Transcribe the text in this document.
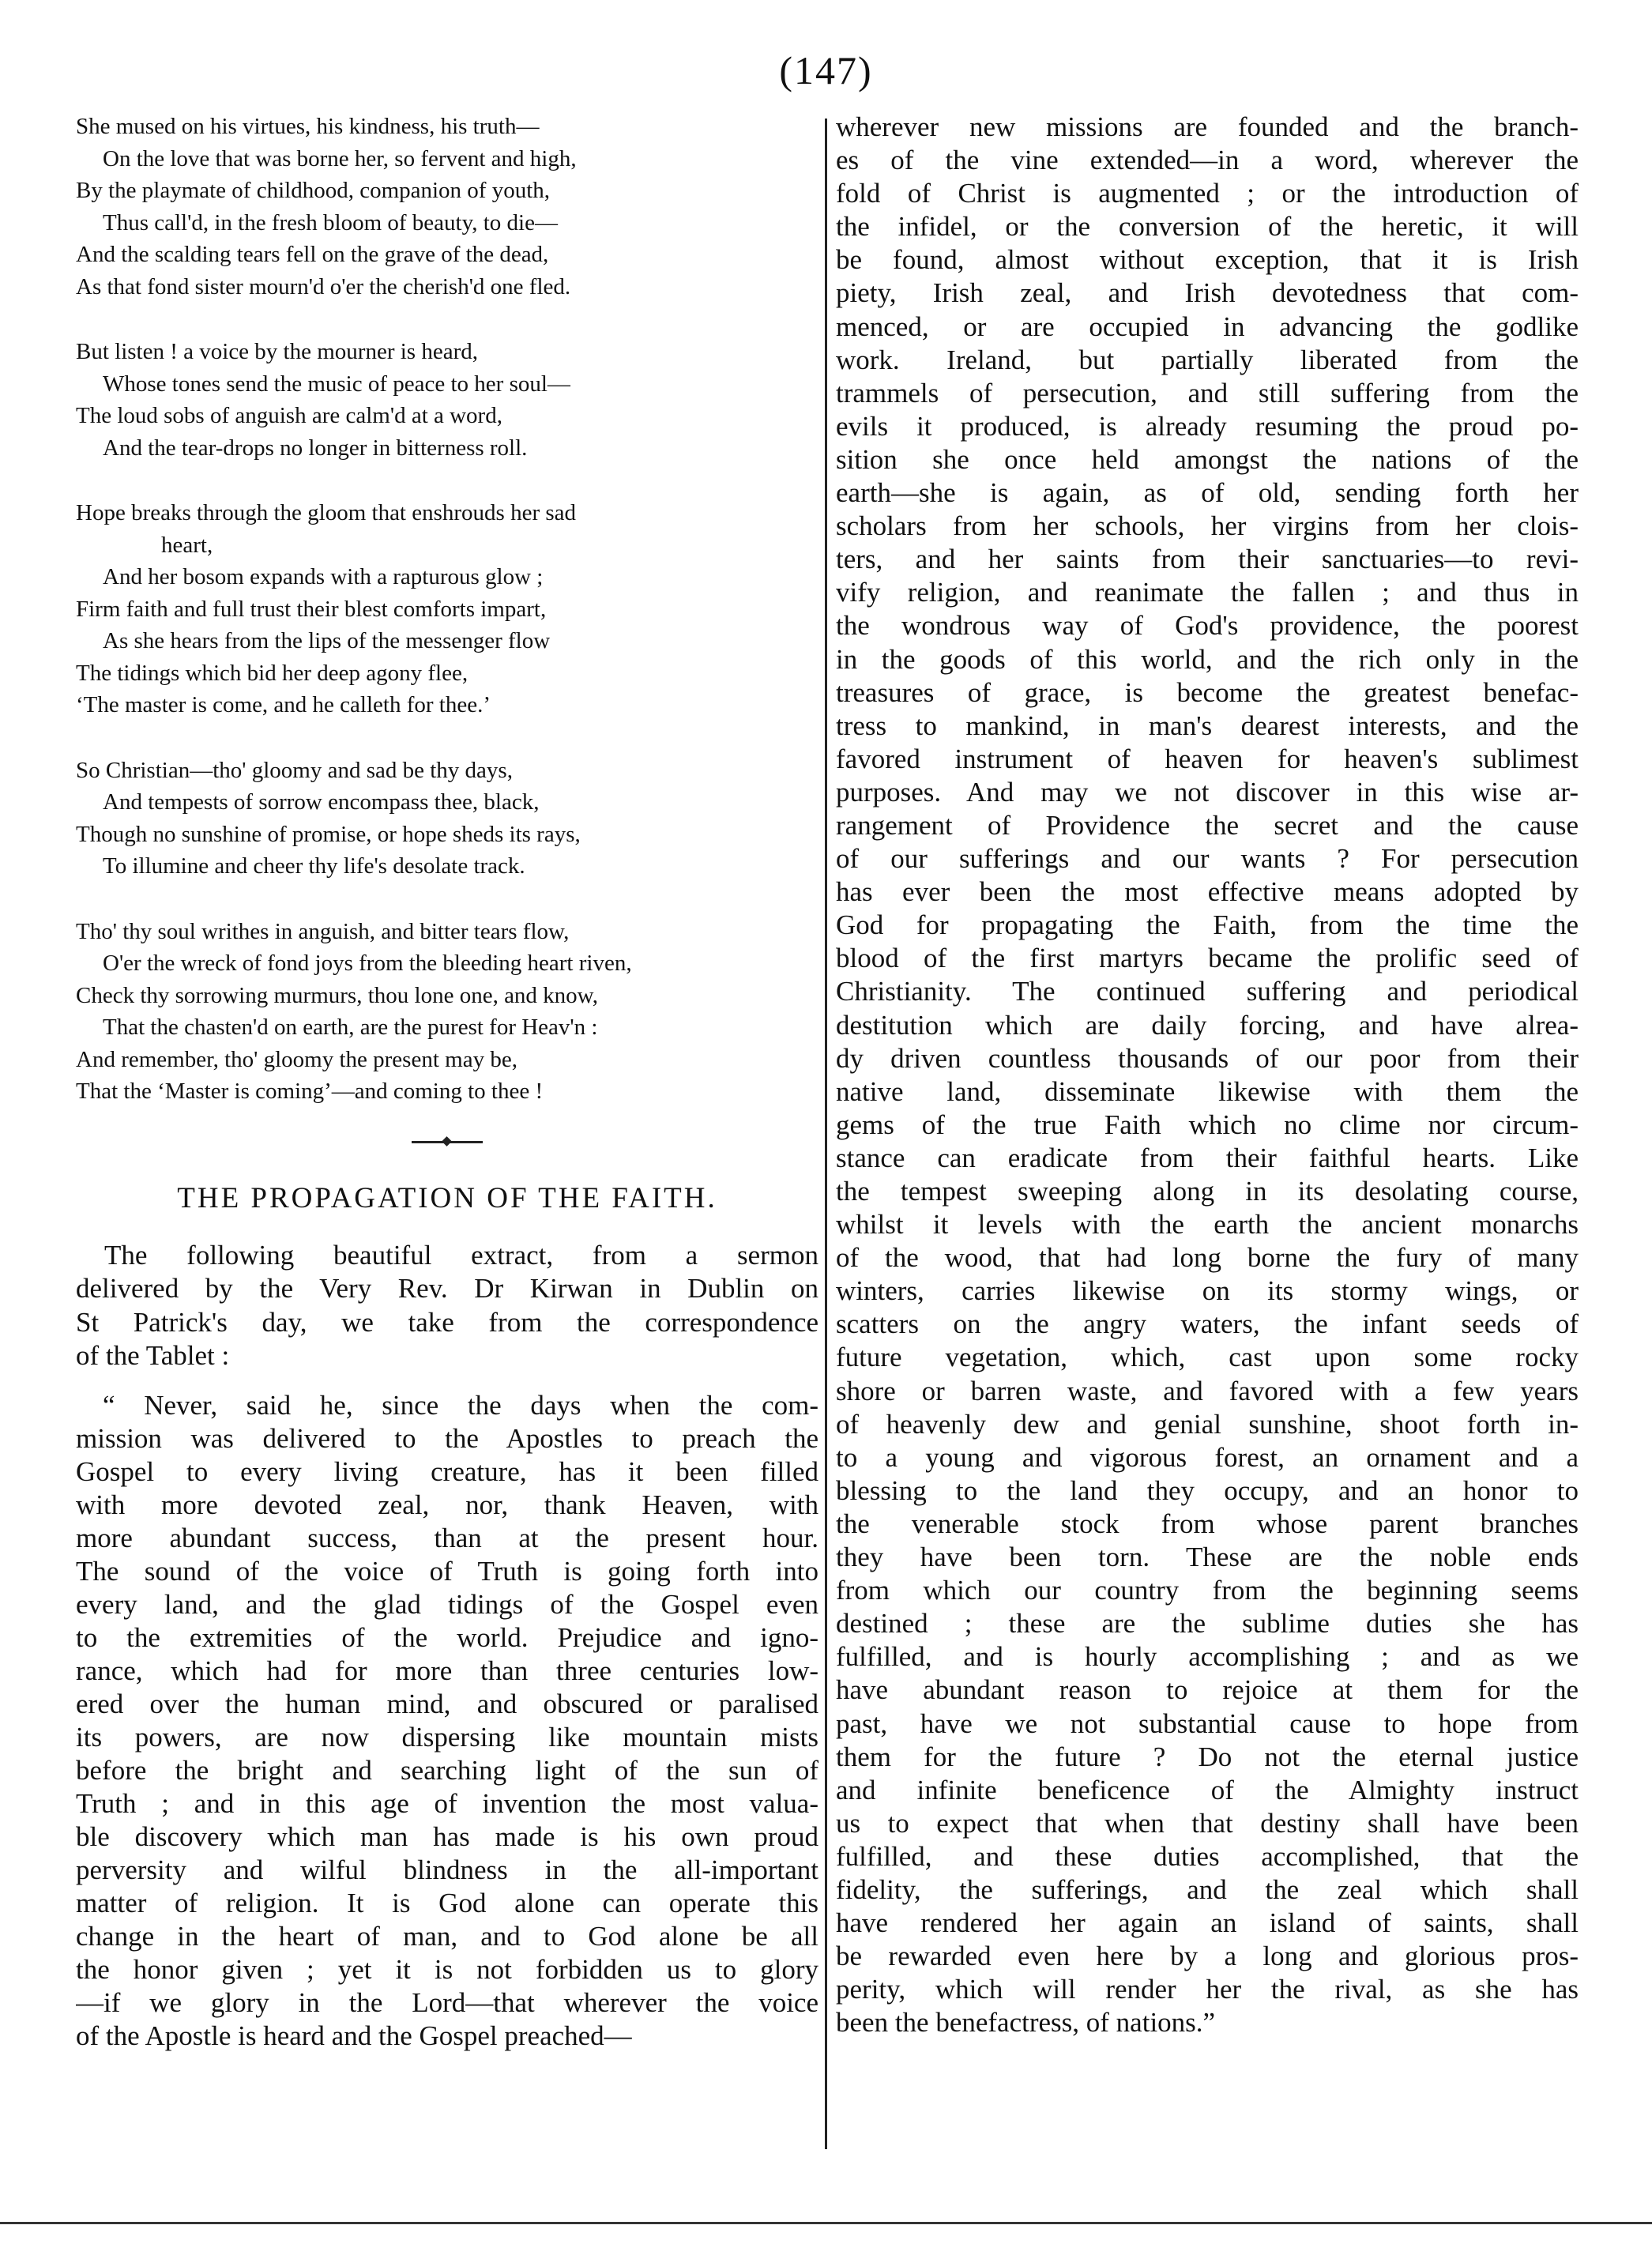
(147)
She mused on his virtues, his kindness, his truth—
On the love that was borne her, so fervent and high,
By the playmate of childhood, companion of youth,
Thus call'd, in the fresh bloom of beauty, to die—
And the scalding tears fell on the grave of the dead,
As that fond sister mourn'd o'er the cherish'd one fled.
But listen ! a voice by the mourner is heard,
Whose tones send the music of peace to her soul—
The loud sobs of anguish are calm'd at a word,
And the tear-drops no longer in bitterness roll.
Hope breaks through the gloom that enshrouds her sad
heart,
And her bosom expands with a rapturous glow ;
Firm faith and full trust their blest comforts impart,
As she hears from the lips of the messenger flow
The tidings which bid her deep agony flee,
‘The master is come, and he calleth for thee.’
So Christian—tho' gloomy and sad be thy days,
And tempests of sorrow encompass thee, black,
Though no sunshine of promise, or hope sheds its rays,
To illumine and cheer thy life's desolate track.
Tho' thy soul writhes in anguish, and bitter tears flow,
O'er the wreck of fond joys from the bleeding heart riven,
Check thy sorrowing murmurs, thou lone one, and know,
That the chasten'd on earth, are the purest for Heav'n :
And remember, tho' gloomy the present may be,
That the ‘Master is coming’—and coming to thee !
THE PROPAGATION OF THE FAITH.

The following beautiful extract, from a sermon
delivered by the Very Rev. Dr Kirwan in Dublin on
St Patrick's day, we take from the correspondence
of the Tablet :

“ Never, said he, since the days when the com-
mission was delivered to the Apostles to preach the
Gospel to every living creature, has it been filled
with more devoted zeal, nor, thank Heaven, with
more abundant success, than at the present hour.
The sound of the voice of Truth is going forth into
every land, and the glad tidings of the Gospel even
to the extremities of the world. Prejudice and igno-
rance, which had for more than three centuries low-
ered over the human mind, and obscured or paralised
its powers, are now dispersing like mountain mists
before the bright and searching light of the sun of
Truth ; and in this age of invention the most valua-
ble discovery which man has made is his own proud
perversity and wilful blindness in the all-important
matter of religion. It is God alone can operate this
change in the heart of man, and to God alone be all
the honor given ; yet it is not forbidden us to glory
—if we glory in the Lord—that wherever the voice
of the Apostle is heard and the Gospel preached—

wherever new missions are founded and the branch-
es of the vine extended—in a word, wherever the
fold of Christ is augmented ; or the introduction of
the infidel, or the conversion of the heretic, it will
be found, almost without exception, that it is Irish
piety, Irish zeal, and Irish devotedness that com-
menced, or are occupied in advancing the godlike
work. Ireland, but partially liberated from the
trammels of persecution, and still suffering from the
evils it produced, is already resuming the proud po-
sition she once held amongst the nations of the
earth—she is again, as of old, sending forth her
scholars from her schools, her virgins from her clois-
ters, and her saints from their sanctuaries—to revi-
vify religion, and reanimate the fallen ; and thus in
the wondrous way of God's providence, the poorest
in the goods of this world, and the rich only in the
treasures of grace, is become the greatest benefac-
tress to mankind, in man's dearest interests, and the
favored instrument of heaven for heaven's sublimest
purposes. And may we not discover in this wise ar-
rangement of Providence the secret and the cause
of our sufferings and our wants ? For persecution
has ever been the most effective means adopted by
God for propagating the Faith, from the time the
blood of the first martyrs became the prolific seed of
Christianity. The continued suffering and periodical
destitution which are daily forcing, and have alrea-
dy driven countless thousands of our poor from their
native land, disseminate likewise with them the
gems of the true Faith which no clime nor circum-
stance can eradicate from their faithful hearts. Like
the tempest sweeping along in its desolating course,
whilst it levels with the earth the ancient monarchs
of the wood, that had long borne the fury of many
winters, carries likewise on its stormy wings, or
scatters on the angry waters, the infant seeds of
future vegetation, which, cast upon some rocky
shore or barren waste, and favored with a few years
of heavenly dew and genial sunshine, shoot forth in-
to a young and vigorous forest, an ornament and a
blessing to the land they occupy, and an honor to
the venerable stock from whose parent branches
they have been torn. These are the noble ends
from which our country from the beginning seems
destined ; these are the sublime duties she has
fulfilled, and is hourly accomplishing ; and as we
have abundant reason to rejoice at them for the
past, have we not substantial cause to hope from
them for the future ? Do not the eternal justice
and infinite beneficence of the Almighty instruct
us to expect that when that destiny shall have been
fulfilled, and these duties accomplished, that the
fidelity, the sufferings, and the zeal which shall
have rendered her again an island of saints, shall
be rewarded even here by a long and glorious pros-
perity, which will render her the rival, as she has
been the benefactress, of nations.”
